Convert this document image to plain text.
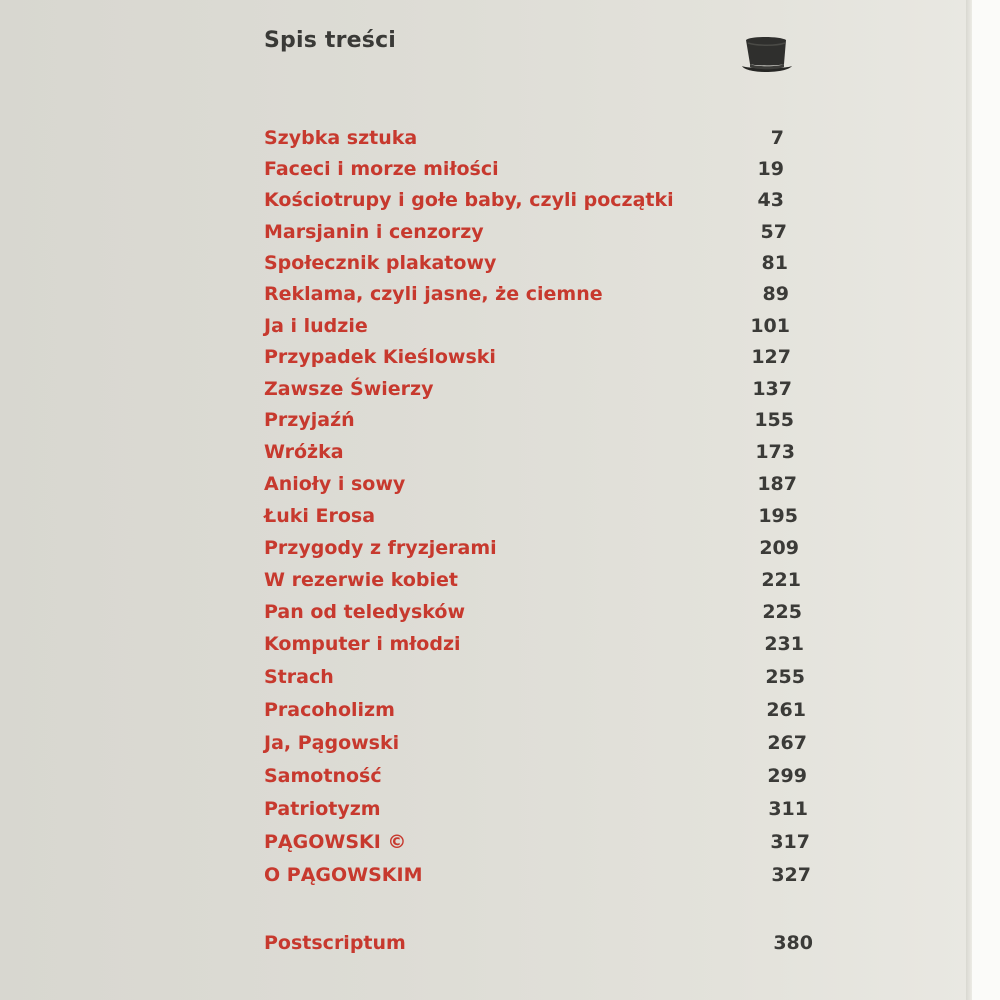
Spis treści
Szybka sztuka	7
Faceci i morze miłości	19
Kościotrupy i gołe baby, czyli początki	43
Marsjanin i cenzorzy	57
Społecznik plakatowy	81
Reklama, czyli jasne, że ciemne	89
Ja i ludzie	101
Przypadek Kieślowski	127
Zawsze Świerzy	137
Przyjaźń	155
Wróżka	173
Anioły i sowy	187
Łuki Erosa	195
Przygody z fryzjerami	209
W rezerwie kobiet	221
Pan od teledysków	225
Komputer i młodzi	231
Strach	255
Pracoholizm	261
Ja, Pągowski	267
Samotność	299
Patriotyzm	311
PĄGOWSKI ©	317
O PĄGOWSKIM	327
Postscriptum	380
